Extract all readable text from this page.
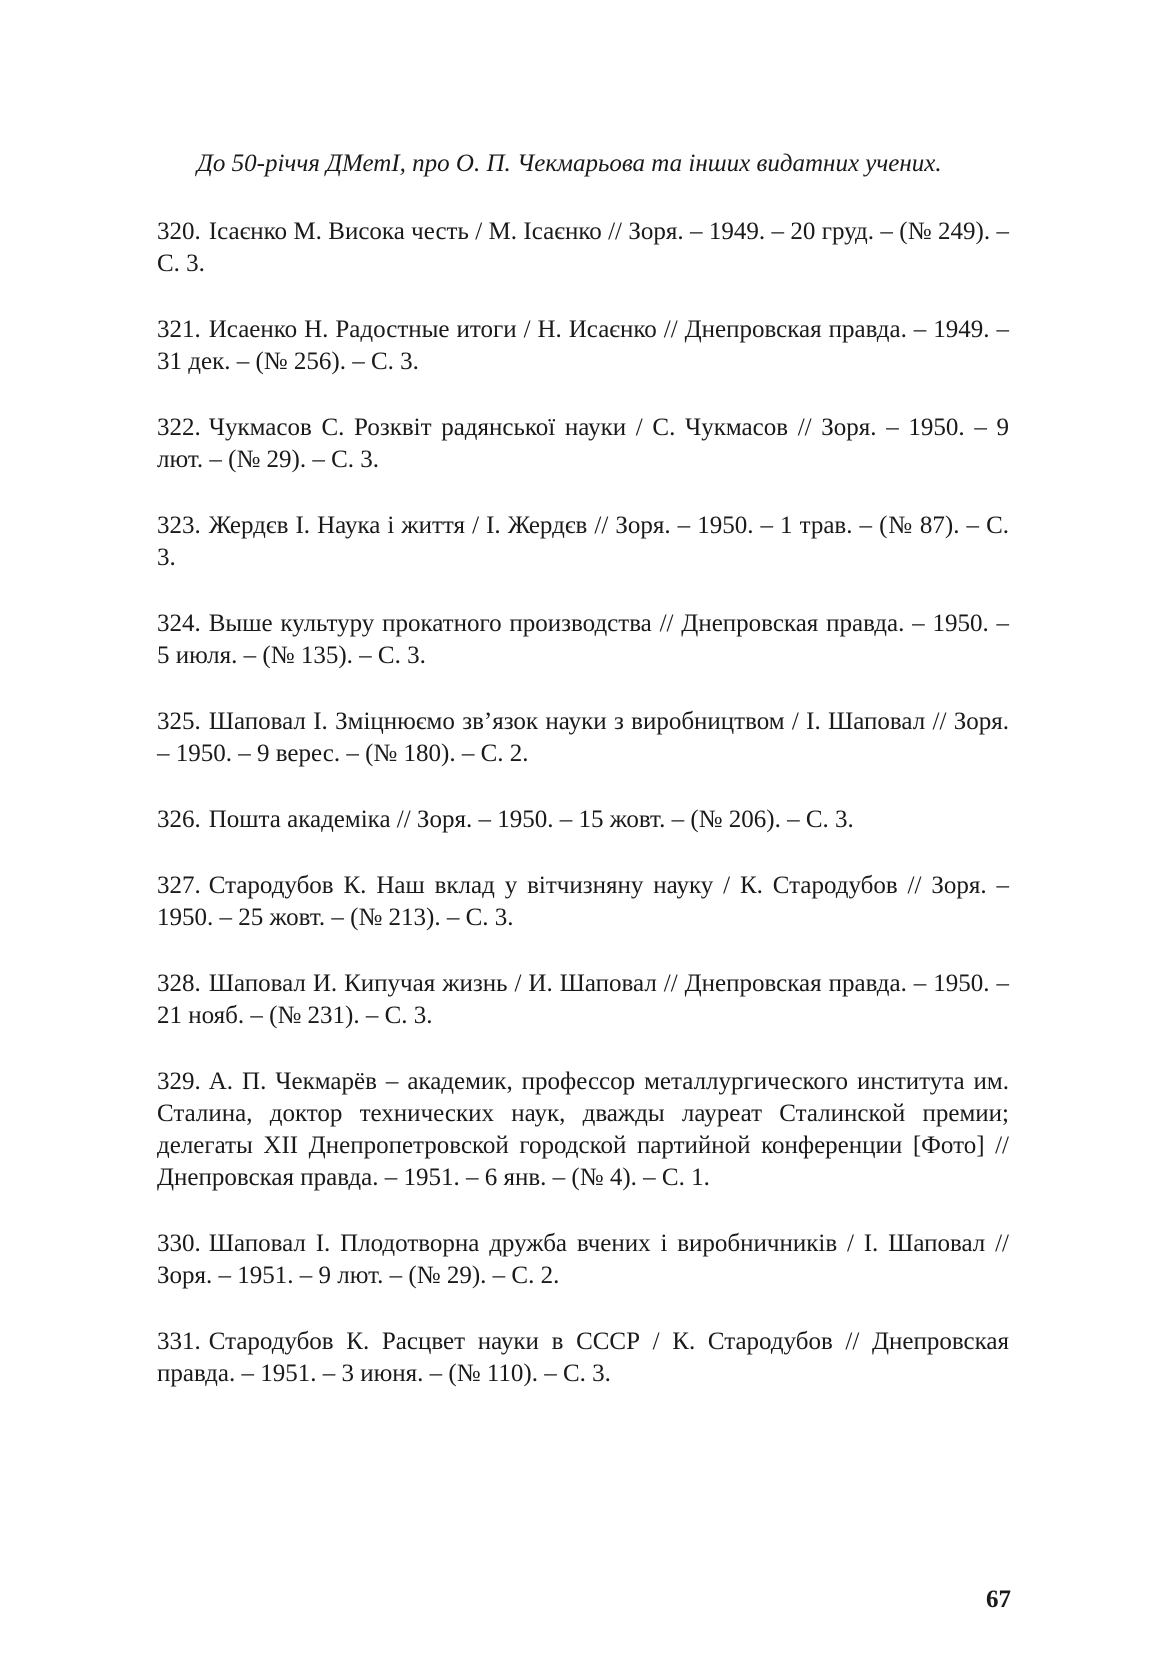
До 50-річчя ДМетІ, про О. П. Чекмарьова та інших видатних учених.

320. Ісаєнко М. Висока честь / М. Ісаєнко // Зоря. – 1949. – 20 груд. – (№ 249). – С. 3.

321. Исаенко Н. Радостные итоги / Н. Исаєнко // Днепровская правда. – 1949. – 31 дек. – (№ 256). – С. 3.

322. Чукмасов С. Розквіт радянської науки / С. Чукмасов // Зоря. – 1950. – 9 лют. – (№ 29). – С. 3.

323. Жердєв І. Наука і життя / І. Жердєв // Зоря. – 1950. – 1 трав. – (№ 87). – С. 3.

324. Выше культуру прокатного производства // Днепровская правда. – 1950. – 5 июля. – (№ 135). – С. 3.

325. Шаповал І. Зміцнюємо зв’язок науки з виробництвом / І. Шаповал // Зоря. – 1950. – 9 верес. – (№ 180). – С. 2.

326. Пошта академіка // Зоря. – 1950. – 15 жовт. – (№ 206). – С. 3.

327. Стародубов К. Наш вклад у вітчизняну науку / К. Стародубов // Зоря. – 1950. – 25 жовт. – (№ 213). – С. 3.

328. Шаповал И. Кипучая жизнь / И. Шаповал // Днепровская правда. – 1950. – 21 нояб. – (№ 231). – С. 3.

329. А. П. Чекмарёв – академик, профессор металлургического института им. Сталина, доктор технических наук, дважды лауреат Сталинской премии; делегаты XII Днепропетровской городской партийной конференции [Фото] // Днепровская правда. – 1951. – 6 янв. – (№ 4). – С. 1.

330. Шаповал І. Плодотворна дружба вчених і виробничників / І. Шаповал // Зоря. – 1951. – 9 лют. – (№ 29). – С. 2.

331. Стародубов К. Расцвет науки в СССР / К. Стародубов // Днепровская правда. – 1951. – 3 июня. – (№ 110). – С. 3.

67
